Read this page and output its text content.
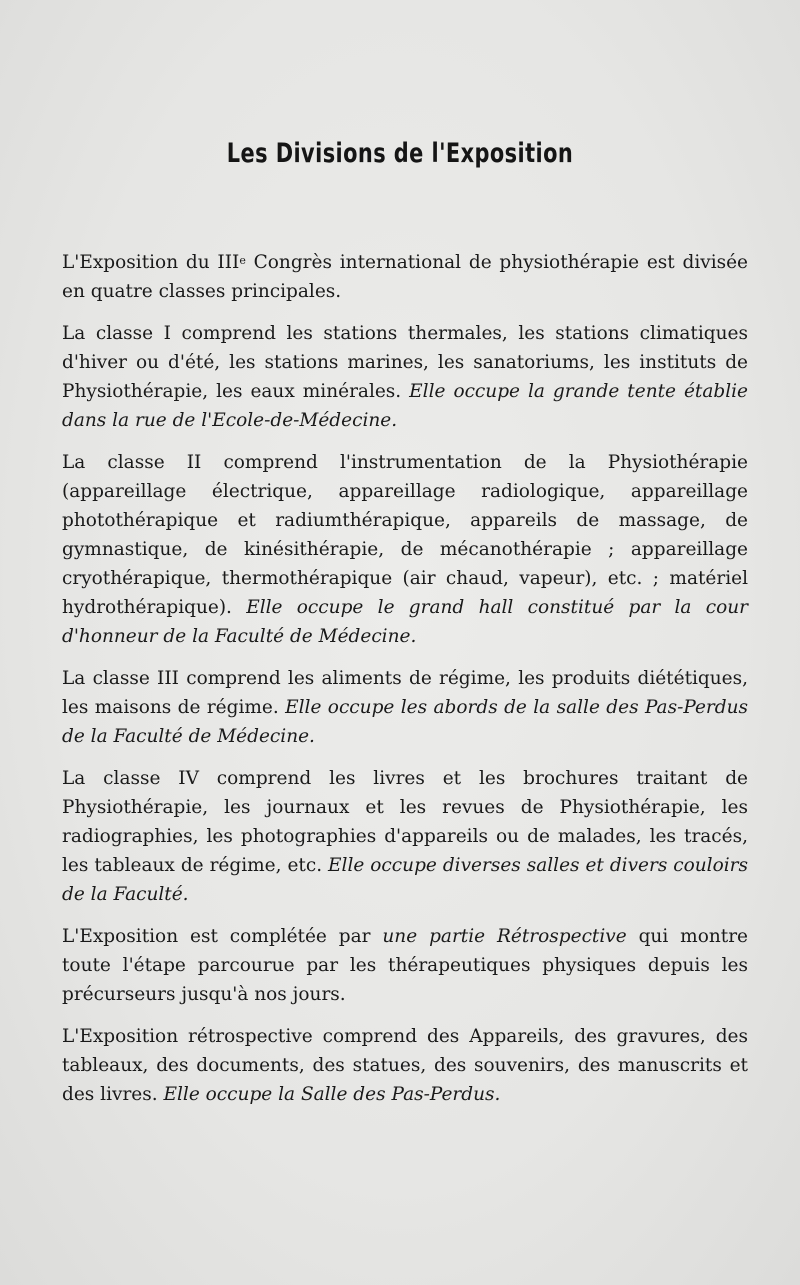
Les Divisions de l'Exposition

L'Exposition du IIIe Congrès international de physiothérapie est divisée en quatre classes principales.

La classe I comprend les stations thermales, les stations climatiques d'hiver ou d'été, les stations marines, les sanatoriums, les instituts de Physiothérapie, les eaux minérales. Elle occupe la grande tente établie dans la rue de l'Ecole-de-Médecine.

La classe II comprend l'instrumentation de la Physiothérapie (appareillage électrique, appareillage radiologique, appareillage photothérapique et radiumthérapique, appareils de massage, de gymnastique, de kinésithérapie, de mécanothérapie ; appareillage cryothérapique, thermothérapique (air chaud, vapeur), etc. ; matériel hydrothérapique). Elle occupe le grand hall constitué par la cour d'honneur de la Faculté de Médecine.

La classe III comprend les aliments de régime, les produits diététiques, les maisons de régime. Elle occupe les abords de la salle des Pas-Perdus de la Faculté de Médecine.

La classe IV comprend les livres et les brochures traitant de Physiothérapie, les journaux et les revues de Physiothérapie, les radiographies, les photographies d'appareils ou de malades, les tracés, les tableaux de régime, etc. Elle occupe diverses salles et divers couloirs de la Faculté.

L'Exposition est complétée par une partie Rétrospective qui montre toute l'étape parcourue par les thérapeutiques physiques depuis les précurseurs jusqu'à nos jours.

L'Exposition rétrospective comprend des Appareils, des gravures, des tableaux, des documents, des statues, des souvenirs, des manuscrits et des livres. Elle occupe la Salle des Pas-Perdus.
